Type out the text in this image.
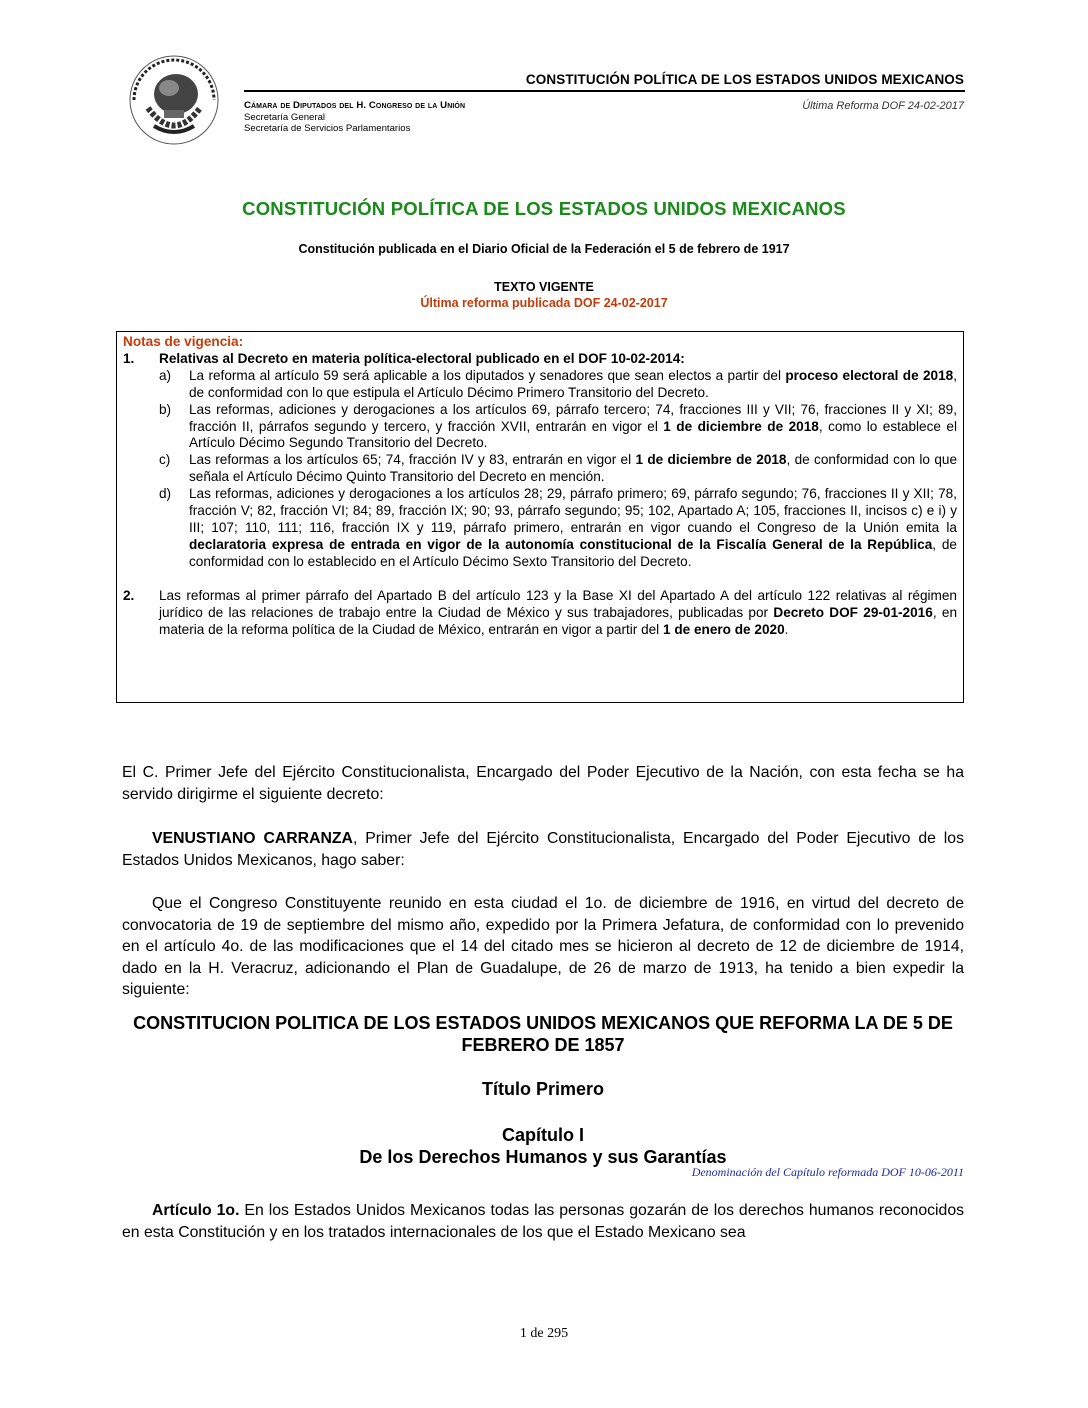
CONSTITUCIÓN POLÍTICA DE LOS ESTADOS UNIDOS MEXICANOS
Cámara de Diputados del H. Congreso de la Unión
Secretaría General
Secretaría de Servicios Parlamentarios
Última Reforma DOF 24-02-2017
CONSTITUCIÓN POLÍTICA DE LOS ESTADOS UNIDOS MEXICANOS
Constitución publicada en el Diario Oficial de la Federación el 5 de febrero de 1917
TEXTO VIGENTE
Última reforma publicada DOF 24-02-2017
Notas de vigencia:
1. Relativas al Decreto en materia política-electoral publicado en el DOF 10-02-2014:
a) La reforma al artículo 59 será aplicable a los diputados y senadores que sean electos a partir del proceso electoral de 2018, de conformidad con lo que estipula el Artículo Décimo Primero Transitorio del Decreto.
b) Las reformas, adiciones y derogaciones a los artículos 69, párrafo tercero; 74, fracciones III y VII; 76, fracciones II y XI; 89, fracción II, párrafos segundo y tercero, y fracción XVII, entrarán en vigor el 1 de diciembre de 2018, como lo establece el Artículo Décimo Segundo Transitorio del Decreto.
c) Las reformas a los artículos 65; 74, fracción IV y 83, entrarán en vigor el 1 de diciembre de 2018, de conformidad con lo que señala el Artículo Décimo Quinto Transitorio del Decreto en mención.
d) Las reformas, adiciones y derogaciones a los artículos 28; 29, párrafo primero; 69, párrafo segundo; 76, fracciones II y XII; 78, fracción V; 82, fracción VI; 84; 89, fracción IX; 90; 93, párrafo segundo; 95; 102, Apartado A; 105, fracciones II, incisos c) e i) y III; 107; 110, 111; 116, fracción IX y 119, párrafo primero, entrarán en vigor cuando el Congreso de la Unión emita la declaratoria expresa de entrada en vigor de la autonomía constitucional de la Fiscalía General de la República, de conformidad con lo establecido en el Artículo Décimo Sexto Transitorio del Decreto.
2. Las reformas al primer párrafo del Apartado B del artículo 123 y la Base XI del Apartado A del artículo 122 relativas al régimen jurídico de las relaciones de trabajo entre la Ciudad de México y sus trabajadores, publicadas por Decreto DOF 29-01-2016, en materia de la reforma política de la Ciudad de México, entrarán en vigor a partir del 1 de enero de 2020.
El C. Primer Jefe del Ejército Constitucionalista, Encargado del Poder Ejecutivo de la Nación, con esta fecha se ha servido dirigirme el siguiente decreto:
VENUSTIANO CARRANZA, Primer Jefe del Ejército Constitucionalista, Encargado del Poder Ejecutivo de los Estados Unidos Mexicanos, hago saber:
Que el Congreso Constituyente reunido en esta ciudad el 1o. de diciembre de 1916, en virtud del decreto de convocatoria de 19 de septiembre del mismo año, expedido por la Primera Jefatura, de conformidad con lo prevenido en el artículo 4o. de las modificaciones que el 14 del citado mes se hicieron al decreto de 12 de diciembre de 1914, dado en la H. Veracruz, adicionando el Plan de Guadalupe, de 26 de marzo de 1913, ha tenido a bien expedir la siguiente:
CONSTITUCION POLITICA DE LOS ESTADOS UNIDOS MEXICANOS QUE REFORMA LA DE 5 DE FEBRERO DE 1857
Título Primero
Capítulo I
De los Derechos Humanos y sus Garantías
Denominación del Capítulo reformada DOF 10-06-2011
Artículo 1o. En los Estados Unidos Mexicanos todas las personas gozarán de los derechos humanos reconocidos en esta Constitución y en los tratados internacionales de los que el Estado Mexicano sea
1 de 295
